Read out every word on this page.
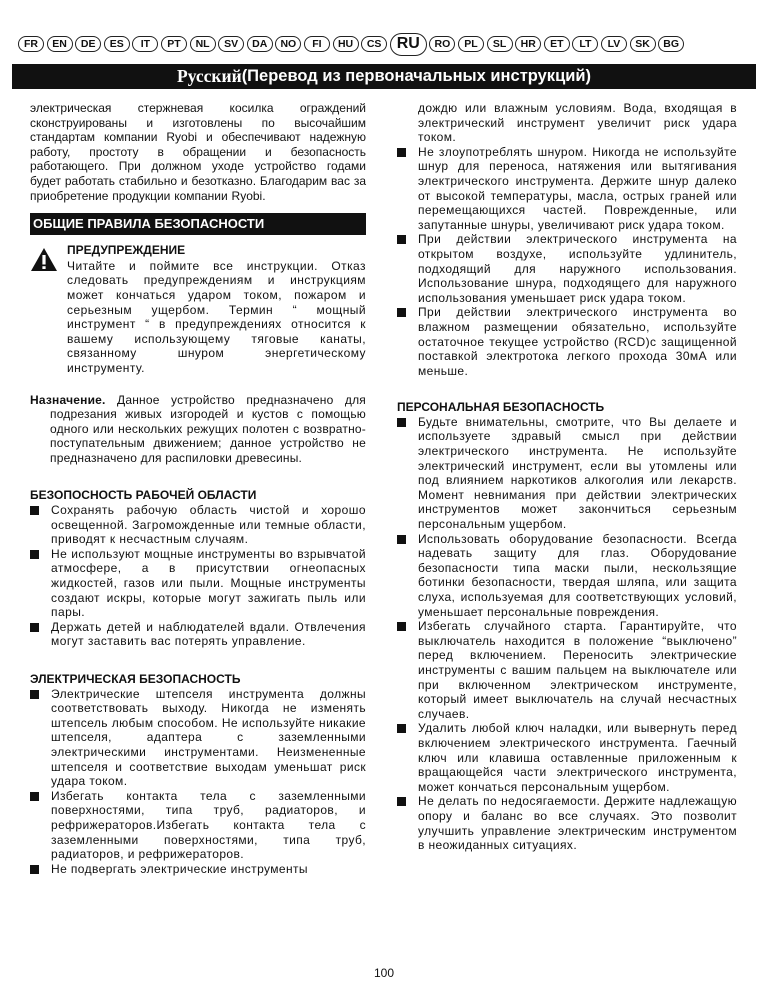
FR	EN	DE	ES	IT	PT	NL	SV	DA	NO	FI	HU	CS RU	RO	PL	SL	HR	ET	LT	LV	SK	BG
Русский (Перевод из первоначальных инструкций)

электрическая стержневая косилка ограждений сконструированы и изготовлены по высочайшим стандартам компании Ryobi и обеспечивают надежную работу, простоту в обращении и безопасность работающего. При должном уходе устройство годами будет работать стабильно и безотказно. Благодарим вас за приобретение продукции компании Ryobi.

ОБЩИЕ ПРАВИЛА БЕЗОПАСНОСТИ
ПРЕДУПРЕЖДЕНИЕ

Читайте и поймите все инструкции. Отказ следовать предупреждениям и инструкциям может кончаться ударом током, пожаром и серьезным ущербом. Термин “ мощный инструмент “ в предупреждениях относится к вашему использующему тяговые канаты, связанному шнуром энергетическому инструменту.

Назначение. Данное устройство предназначено для подрезания живых изгородей и кустов с помощью одного или нескольких режущих полотен с возвратно-поступательным движением; данное устройство не предназначено для распиловки древесины.

БЕЗОПОСНОСТЬ РАБОЧЕЙ ОБЛАСТИ
Сохранять рабочую область чистой и хорошо освещенной. Загроможденные или темные области, приводят к несчастным случаям.
Не используют мощные инструменты во взрывчатой атмосфере, а в присутствии огнеопасных жидкостей, газов или пыли. Мощные инструменты создают искры, которые могут зажигать пыль или пары.
Держать детей и наблюдателей вдали. Отвлечения могут заставить вас потерять управление.
ЭЛЕКТРИЧЕСКАЯ БЕЗОПАСНОСТЬ
Электрические штепселя инструмента должны соответствовать выходу. Никогда не изменять штепсель любым способом. Не используйте никакие штепселя, адаптера с заземленными электрическими инструментами. Неизмененные штепселя и соответствие выходам уменьшат риск удара током.
Избегать контакта тела с заземленными поверхностями, типа труб, радиаторов, и рефрижераторов.Избегать контакта тела с заземленными поверхностями, типа труб, радиаторов, и рефрижераторов.
Не подвергать электрические инструменты
дождю или влажным условиям. Вода, входящая в электрический инструмент увеличит риск удара током.
Не злоупотреблять шнуром. Никогда не используйте шнур для переноса, натяжения или вытягивания электрического инструмента. Держите шнур далеко от высокой температуры, масла, острых граней или перемещающихся частей. Поврежденные, или запутанные шнуры, увеличивают риск удара током.
При действии электрического инструмента на открытом воздухе, используйте удлинитель, подходящий для наружного использования. Использование шнура, подходящего для наружного использования уменьшает риск удара током.
При действии электрического инструмента во влажном размещении обязательно, используйте остаточное текущее устройство (RCD)с защищенной поставкой электротока легкого прохода 30мА или меньше.
ПЕРСОНАЛЬНАЯ БЕЗОПАСНОСТЬ
Будьте внимательны, смотрите, что Вы делаете и используете здравый смысл при действии электрического инструмента. Не используйте электрический инструмент, если вы утомлены или под влиянием наркотиков алкоголия или лекарств. Момент невнимания при действии электрических инструментов может закончиться серьезным персональным ущербом.
Использовать оборудование безопасности. Всегда надевать защиту для глаз. Оборудование безопасности типа маски пыли, нескользящие ботинки безопасности, твердая шляпа, или защита слуха, используемая для соответствующих условий, уменьшает персональные повреждения.
Избегать случайного старта. Гарантируйте, что выключатель находится в положение “выключено” перед включением. Переносить электрические инструменты с вашим пальцем на выключателе или при включенном электрическом инструменте, который имеет выключатель на случай несчастных случаев.
Удалить любой ключ наладки, или вывернуть перед включением электрического инструмента. Гаечный ключ или клавиша оставленные приложенным к вращающейся части электрического инструмента, может кончаться персональным ущербом.
Не делать по недосягаемости. Держите надлежащую опору и баланс во все случаях. Это позволит улучшить управление электрическим инструментом в неожиданных ситуациях.
100
